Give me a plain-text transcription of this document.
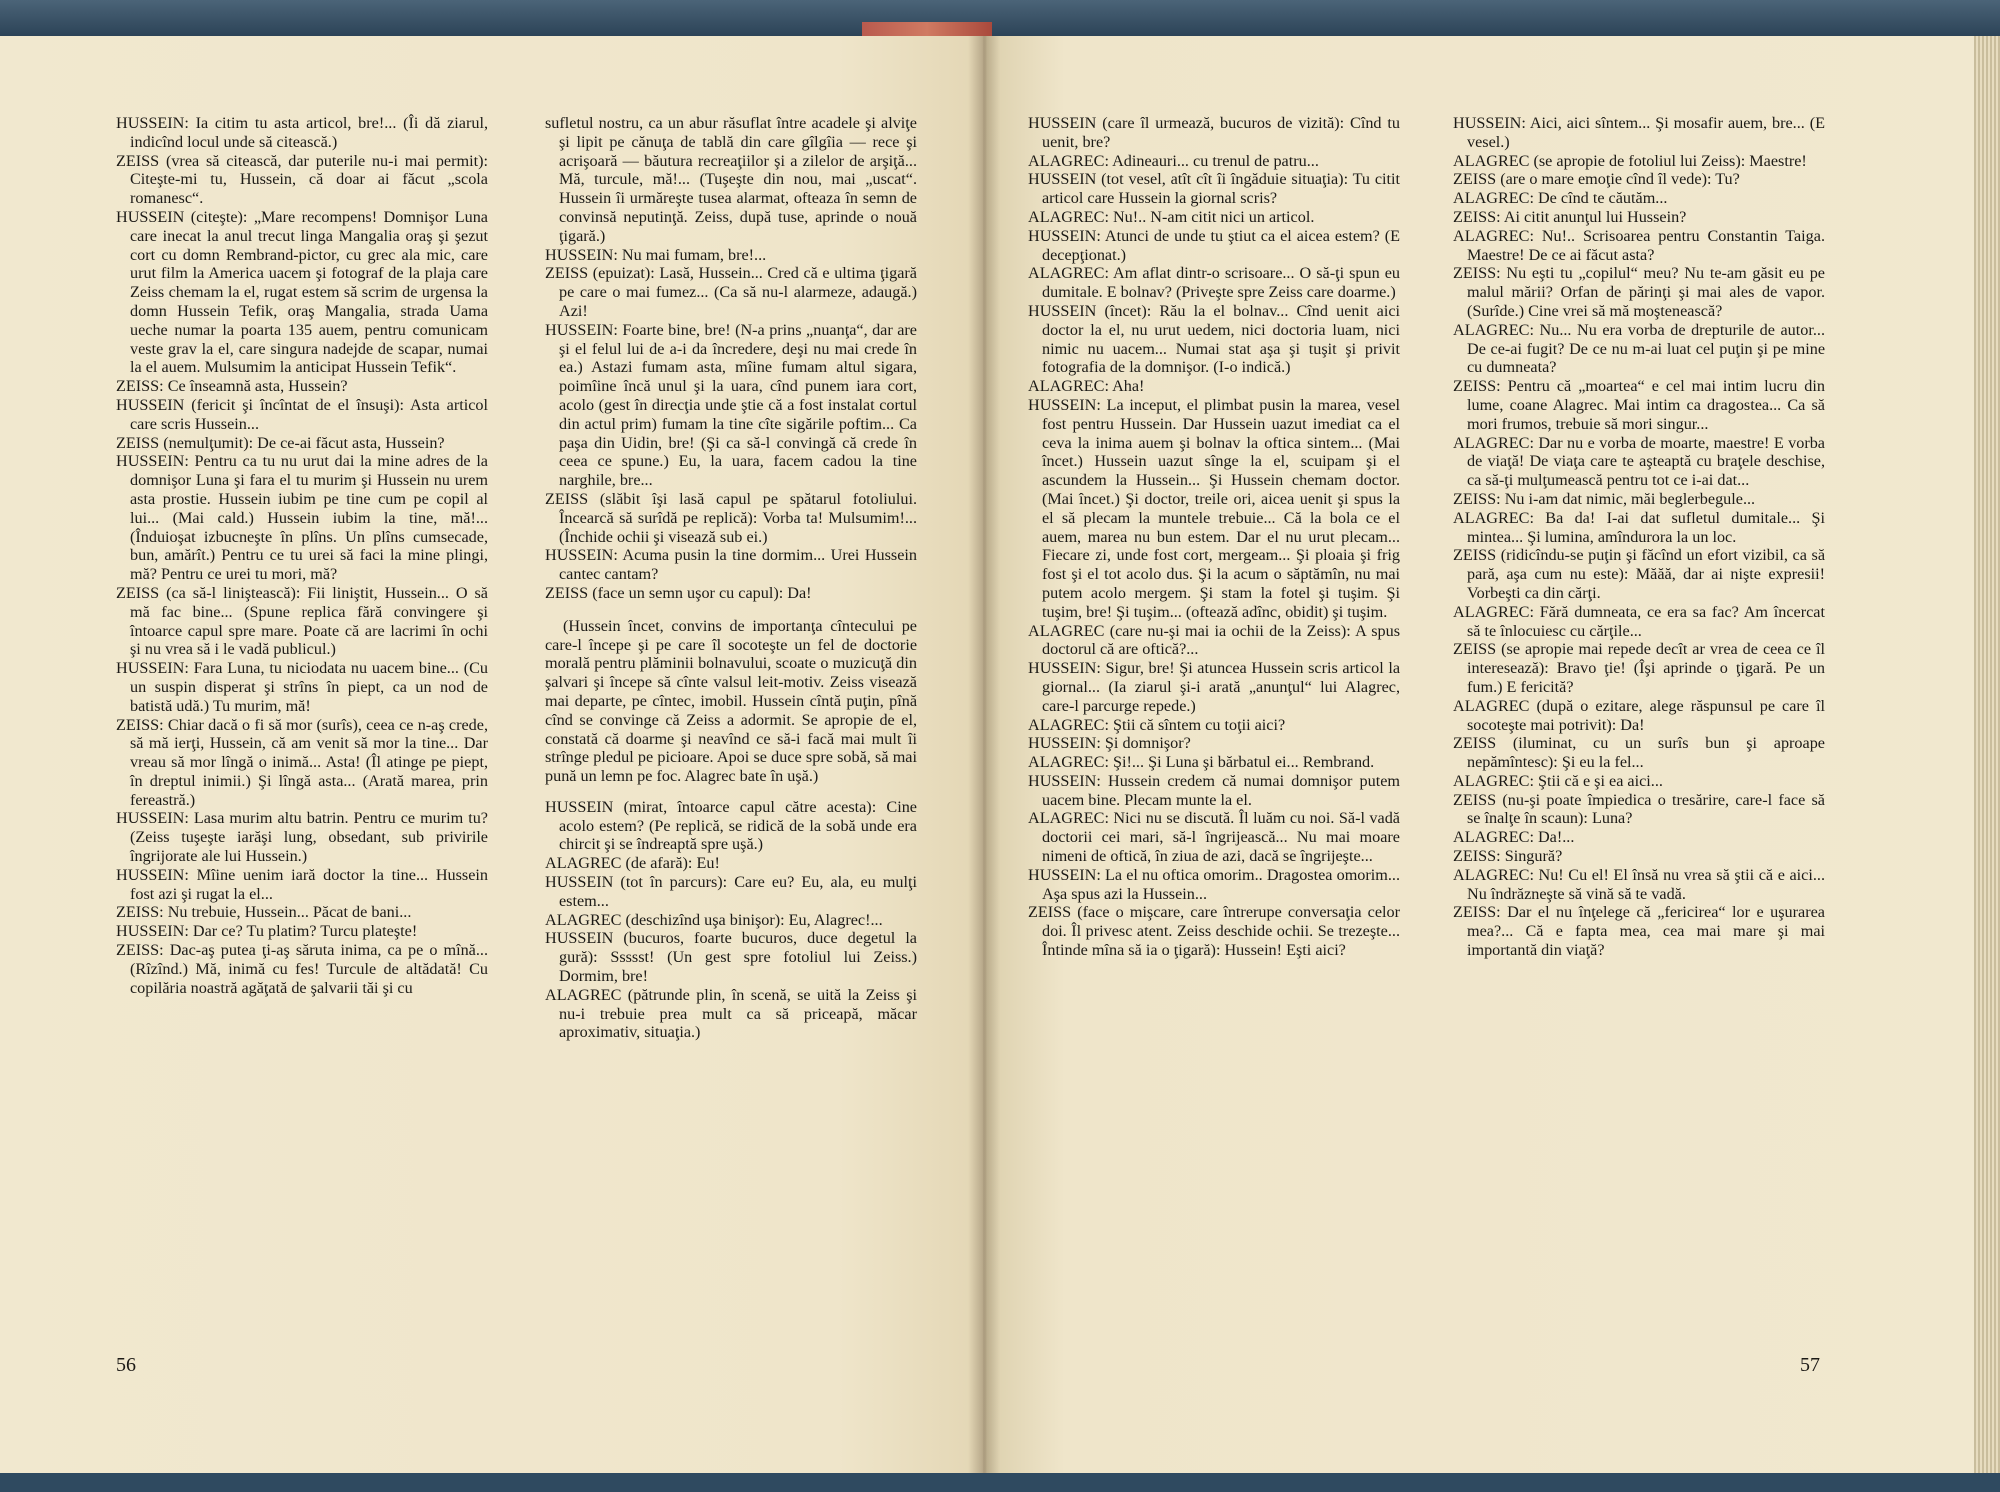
HUSSEIN: Ia citim tu asta articol, bre!... (Îi dă ziarul, indicînd locul unde să citească.)

ZEISS (vrea să citească, dar puterile nu-i mai permit): Citeşte-mi tu, Hussein, că doar ai făcut „scola romanesc“.

HUSSEIN (citeşte): „Mare recompens! Domnişor Luna care inecat la anul trecut linga Mangalia oraş şi şezut cort cu domn Rembrand-pictor, cu grec ala mic, care urut film la America uacem şi fotograf de la plaja care Zeiss chemam la el, rugat estem să scrim de urgensa la domn Hussein Tefik, oraş Mangalia, strada Uama ueche numar la poarta 135 auem, pentru comunicam veste grav la el, care singura nadejde de scapar, numai la el auem. Mulsumim la anticipat Hussein Tefik“.

ZEISS: Ce înseamnă asta, Hussein?

HUSSEIN (fericit şi încîntat de el însuşi): Asta articol care scris Hussein...

ZEISS (nemulţumit): De ce-ai făcut asta, Hussein?

HUSSEIN: Pentru ca tu nu urut dai la mine adres de la domnişor Luna şi fara el tu murim şi Hussein nu urem asta prostie. Hussein iubim pe tine cum pe copil al lui... (Mai cald.) Hussein iubim la tine, mă!... (Înduioşat izbucneşte în plîns. Un plîns cumsecade, bun, amărît.) Pentru ce tu urei să faci la mine plingi, mă? Pentru ce urei tu mori, mă?

ZEISS (ca să-l liniştească): Fii liniştit, Hussein... O să mă fac bine... (Spune replica fără convingere şi întoarce capul spre mare. Poate că are lacrimi în ochi şi nu vrea să i le vadă publicul.)

HUSSEIN: Fara Luna, tu niciodata nu uacem bine... (Cu un suspin disperat şi strîns în piept, ca un nod de batistă udă.) Tu murim, mă!

ZEISS: Chiar dacă o fi să mor (surîs), ceea ce n-aş crede, să mă ierţi, Hussein, că am venit să mor la tine... Dar vreau să mor lîngă o inimă... Asta! (Îl atinge pe piept, în dreptul inimii.) Şi lîngă asta... (Arată marea, prin fereastră.)

HUSSEIN: Lasa murim altu batrin. Pentru ce murim tu? (Zeiss tuşeşte iarăşi lung, obsedant, sub privirile îngrijorate ale lui Hussein.)

HUSSEIN: Mîine uenim iară doctor la tine... Hussein fost azi şi rugat la el...

ZEISS: Nu trebuie, Hussein... Păcat de bani...

HUSSEIN: Dar ce? Tu platim? Turcu plateşte!

ZEISS: Dac-aş putea ţi-aş săruta inima, ca pe o mînă... (Rîzînd.) Mă, inimă cu fes! Turcule de altădată! Cu copilăria noastră agăţată de şalvarii tăi şi cu

sufletul nostru, ca un abur răsuflat între acadele şi alviţe şi lipit pe cănuţa de tablă din care gîlgîia — rece şi acrişoară — băutura recreaţiilor şi a zilelor de arşiţă... Mă, turcule, mă!... (Tuşeşte din nou, mai „uscat“. Hussein îi urmăreşte tusea alarmat, ofteaza în semn de convinsă neputinţă. Zeiss, după tuse, aprinde o nouă ţigară.)

HUSSEIN: Nu mai fumam, bre!...

ZEISS (epuizat): Lasă, Hussein... Cred că e ultima ţigară pe care o mai fumez... (Ca să nu-l alarmeze, adaugă.) Azi!

HUSSEIN: Foarte bine, bre! (N-a prins „nuanţa“, dar are şi el felul lui de a-i da încredere, deşi nu mai crede în ea.) Astazi fumam asta, mîine fumam altul sigara, poimîine încă unul şi la uara, cînd punem iara cort, acolo (gest în direcţia unde ştie că a fost instalat cortul din actul prim) fumam la tine cîte sigările poftim... Ca paşa din Uidin, bre! (Şi ca să-l convingă că crede în ceea ce spune.) Eu, la uara, facem cadou la tine narghile, bre...

ZEISS (slăbit îşi lasă capul pe spătarul fotoliului. Încearcă să surîdă pe replică): Vorba ta! Mulsumim!... (Închide ochii şi visează sub ei.)

HUSSEIN: Acuma pusin la tine dormim... Urei Hussein cantec cantam?

ZEISS (face un semn uşor cu capul): Da!

(Hussein încet, convins de importanţa cîntecului pe care-l începe şi pe care îl socoteşte un fel de doctorie morală pentru plăminii bolnavului, scoate o muzicuţă din şalvari şi începe să cînte valsul leit-motiv. Zeiss visează mai departe, pe cîntec, imobil. Hussein cîntă puţin, pînă cînd se convinge că Zeiss a adormit. Se apropie de el, constată că doarme şi neavînd ce să-i facă mai mult îi strînge pledul pe picioare. Apoi se duce spre sobă, să mai pună un lemn pe foc. Alagrec bate în uşă.)

HUSSEIN (mirat, întoarce capul către acesta): Cine acolo estem? (Pe replică, se ridică de la sobă unde era chircit şi se îndreaptă spre uşă.)

ALAGREC (de afară): Eu!

HUSSEIN (tot în parcurs): Care eu? Eu, ala, eu mulţi estem...

ALAGREC (deschizînd uşa binişor): Eu, Alagrec!...

HUSSEIN (bucuros, foarte bucuros, duce degetul la gură): Ssssst! (Un gest spre fotoliul lui Zeiss.) Dormim, bre!

ALAGREC (pătrunde plin, în scenă, se uită la Zeiss şi nu-i trebuie prea mult ca să priceapă, măcar aproximativ, situaţia.)

56

HUSSEIN (care îl urmează, bucuros de vizită): Cînd tu uenit, bre?

ALAGREC: Adineauri... cu trenul de patru...

HUSSEIN (tot vesel, atît cît îi îngăduie situaţia): Tu citit articol care Hussein la giornal scris?

ALAGREC: Nu!.. N-am citit nici un articol.

HUSSEIN: Atunci de unde tu ştiut ca el aicea estem? (E decepţionat.)

ALAGREC: Am aflat dintr-o scrisoare... O să-ţi spun eu dumitale. E bolnav? (Priveşte spre Zeiss care doarme.)

HUSSEIN (încet): Rău la el bolnav... Cînd uenit aici doctor la el, nu urut uedem, nici doctoria luam, nici nimic nu uacem... Numai stat aşa şi tuşit şi privit fotografia de la domnişor. (I-o indică.)

ALAGREC: Aha!

HUSSEIN: La inceput, el plimbat pusin la marea, vesel fost pentru Hussein. Dar Hussein uazut imediat ca el ceva la inima auem şi bolnav la oftica sintem... (Mai încet.) Hussein uazut sînge la el, scuipam şi el ascundem la Hussein... Şi Hussein chemam doctor. (Mai încet.) Şi doctor, treile ori, aicea uenit şi spus la el să plecam la muntele trebuie... Că la bola ce el auem, marea nu bun estem. Dar el nu urut plecam... Fiecare zi, unde fost cort, mergeam... Şi ploaia şi frig fost şi el tot acolo dus. Şi la acum o săptămîn, nu mai putem acolo mergem. Şi stam la fotel şi tuşim. Şi tuşim, bre! Şi tuşim... (oftează adînc, obidit) şi tuşim.

ALAGREC (care nu-şi mai ia ochii de la Zeiss): A spus doctorul că are oftică?...

HUSSEIN: Sigur, bre! Şi atuncea Hussein scris articol la giornal... (Ia ziarul şi-i arată „anunţul“ lui Alagrec, care-l parcurge repede.)

ALAGREC: Ştii că sîntem cu toţii aici?

HUSSEIN: Şi domnişor?

ALAGREC: Şi!... Şi Luna şi bărbatul ei... Rembrand.

HUSSEIN: Hussein credem că numai domnişor putem uacem bine. Plecam munte la el.

ALAGREC: Nici nu se discută. Îl luăm cu noi. Să-l vadă doctorii cei mari, să-l îngrijească... Nu mai moare nimeni de oftică, în ziua de azi, dacă se îngrijeşte...

HUSSEIN: La el nu oftica omorim.. Dragostea omorim... Aşa spus azi la Hussein...

ZEISS (face o mişcare, care întrerupe conversaţia celor doi. Îl privesc atent. Zeiss deschide ochii. Se trezeşte... Întinde mîna să ia o ţigară): Hussein! Eşti aici?

HUSSEIN: Aici, aici sîntem... Şi mosafir auem, bre... (E vesel.)

ALAGREC (se apropie de fotoliul lui Zeiss): Maestre!

ZEISS (are o mare emoţie cînd îl vede): Tu?

ALAGREC: De cînd te căutăm...

ZEISS: Ai citit anunţul lui Hussein?

ALAGREC: Nu!.. Scrisoarea pentru Constantin Taiga. Maestre! De ce ai făcut asta?

ZEISS: Nu eşti tu „copilul“ meu? Nu te-am găsit eu pe malul mării? Orfan de părinţi şi mai ales de vapor. (Surîde.) Cine vrei să mă moştenească?

ALAGREC: Nu... Nu era vorba de drepturile de autor... De ce-ai fugit? De ce nu m-ai luat cel puţin şi pe mine cu dumneata?

ZEISS: Pentru că „moartea“ e cel mai intim lucru din lume, coane Alagrec. Mai intim ca dragostea... Ca să mori frumos, trebuie să mori singur...

ALAGREC: Dar nu e vorba de moarte, maestre! E vorba de viaţă! De viaţa care te aşteaptă cu braţele deschise, ca să-ţi mulţumească pentru tot ce i-ai dat...

ZEISS: Nu i-am dat nimic, măi beglerbegule...

ALAGREC: Ba da! I-ai dat sufletul dumitale... Şi mintea... Şi lumina, amîndurora la un loc.

ZEISS (ridicîndu-se puţin şi făcînd un efort vizibil, ca să pară, aşa cum nu este): Măăă, dar ai nişte expresii! Vorbeşti ca din cărţi.

ALAGREC: Fără dumneata, ce era sa fac? Am încercat să te înlocuiesc cu cărţile...

ZEISS (se apropie mai repede decît ar vrea de ceea ce îl interesează): Bravo ţie! (Îşi aprinde o ţigară. Pe un fum.) E fericită?

ALAGREC (după o ezitare, alege răspunsul pe care îl socoteşte mai potrivit): Da!

ZEISS (iluminat, cu un surîs bun şi aproape nepămîntesc): Şi eu la fel...

ALAGREC: Ştii că e şi ea aici...

ZEISS (nu-şi poate împiedica o tresărire, care-l face să se înalţe în scaun): Luna?

ALAGREC: Da!...

ZEISS: Singură?

ALAGREC: Nu! Cu el! El însă nu vrea să ştii că e aici... Nu îndrăzneşte să vină să te vadă.

ZEISS: Dar el nu înţelege că „fericirea“ lor e uşurarea mea?... Că e fapta mea, cea mai mare şi mai importantă din viaţă?

57
